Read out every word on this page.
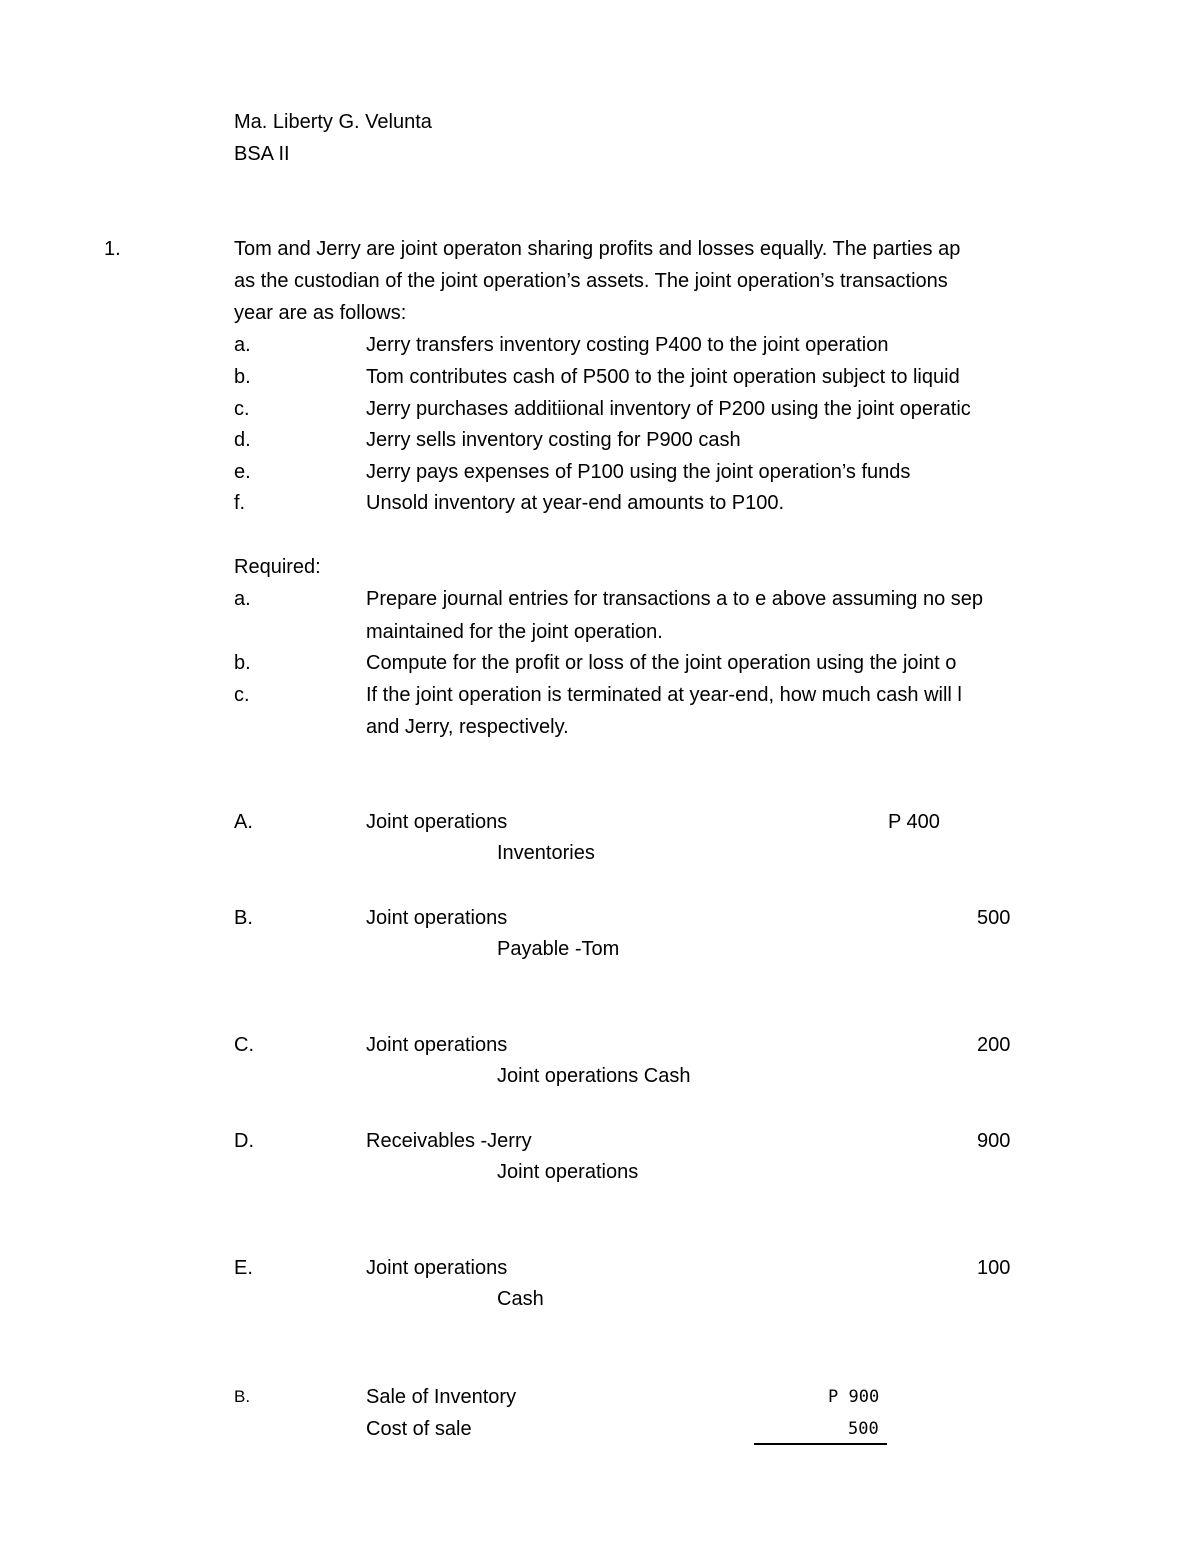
Ma. Liberty G. Velunta
BSA II
1.	Tom and Jerry are joint operaton sharing profits and losses equally. The parties ap
as the custodian of the joint operation’s assets. The joint operation’s transactions
year are as follows:
a.	Jerry transfers inventory costing P400 to the joint operation
b.	Tom contributes cash of P500 to the joint operation subject to liquid
c.	Jerry purchases additiional inventory of P200 using the joint operatic
d.	Jerry sells inventory costing for P900 cash
e.	Jerry pays expenses of P100 using the joint operation’s funds
f.	Unsold inventory at year-end amounts to P100.
Required:
a.	Prepare journal entries for transactions a to e above assuming no sep
maintained for the joint operation.
b.	Compute for the profit or loss of the joint operation using the joint o
c.	If the joint operation is terminated at year-end, how much cash will l
and Jerry, respectively.
A.	Joint operations	P 400
Inventories
B.	Joint operations	500
Payable -Tom
C.	Joint operations	200
Joint operations Cash
D.	Receivables -Jerry	900
Joint operations
E.	Joint operations	100
Cash
B.	Sale of Inventory	P 900
Cost of sale	500
